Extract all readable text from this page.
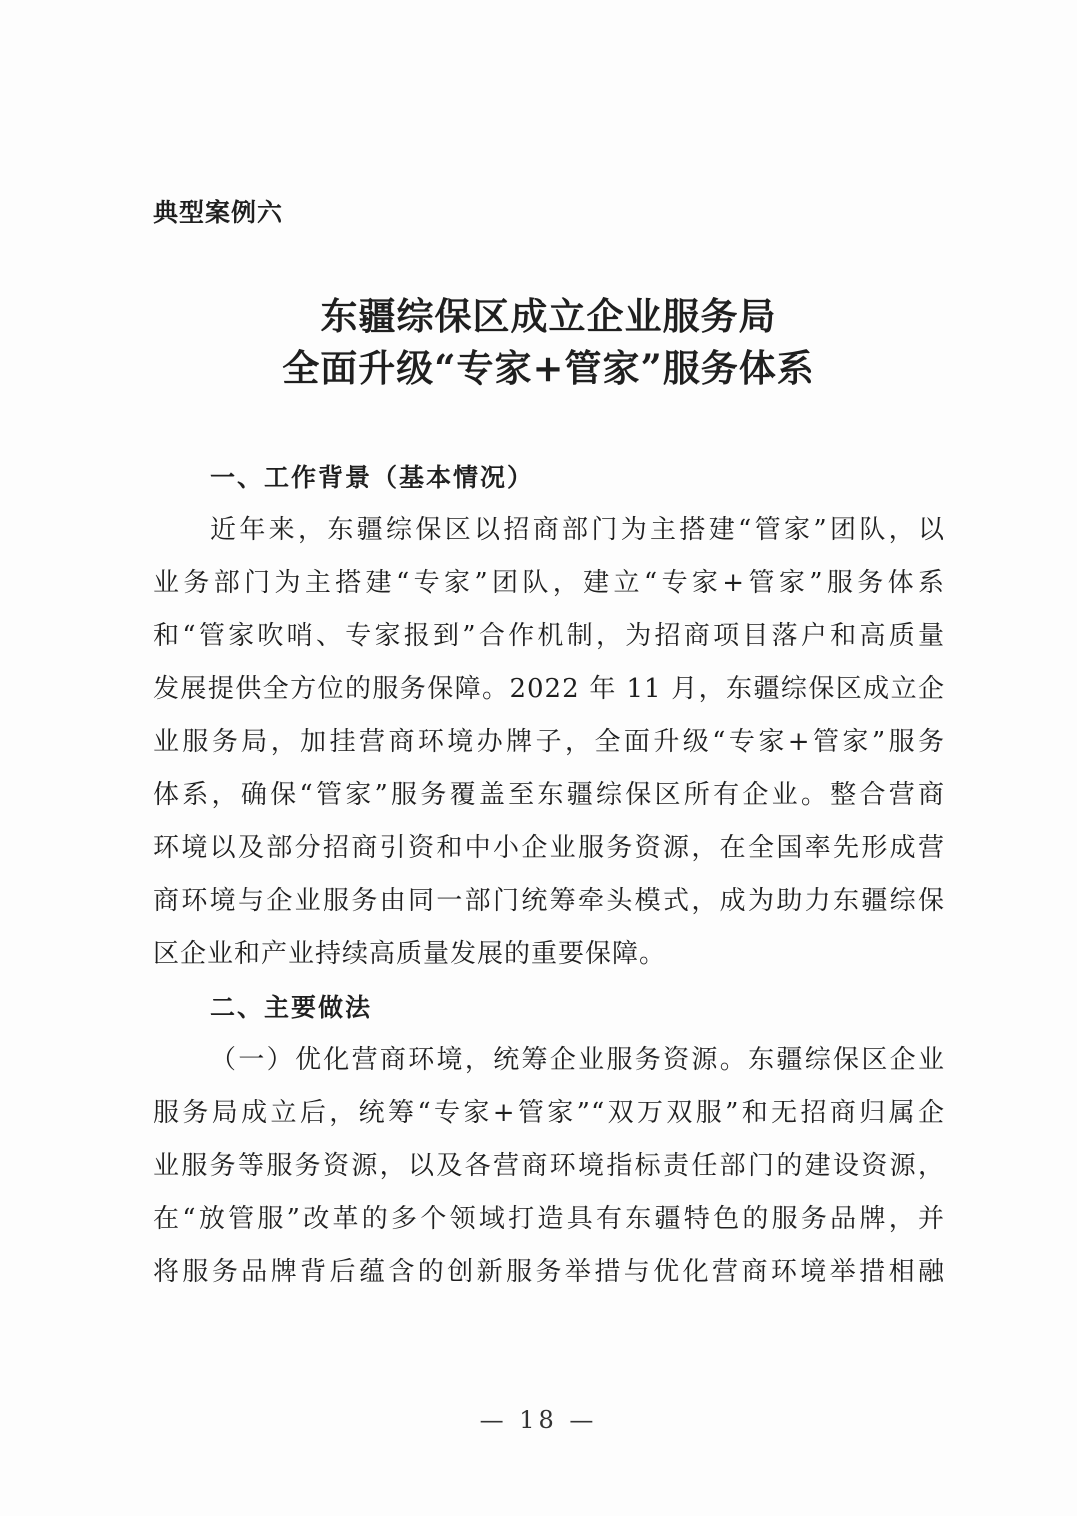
典型案例六
东疆综保区成立企业服务局
全面升级“专家+管家”服务体系
一、工作背景（基本情况）
近年来，东疆综保区以招商部门为主搭建“管家”团队，以
业务部门为主搭建“专家”团队，建立“专家+管家”服务体系
和“管家吹哨、专家报到”合作机制，为招商项目落户和高质量
发展提供全方位的服务保障。2022 年 11 月，东疆综保区成立企
业服务局，加挂营商环境办牌子，全面升级“专家+管家”服务
体系，确保“管家”服务覆盖至东疆综保区所有企业。整合营商
环境以及部分招商引资和中小企业服务资源，在全国率先形成营
商环境与企业服务由同一部门统筹牵头模式，成为助力东疆综保
区企业和产业持续高质量发展的重要保障。
二、主要做法
（一）优化营商环境，统筹企业服务资源。东疆综保区企业
服务局成立后，统筹“专家+管家”“双万双服”和无招商归属企
业服务等服务资源，以及各营商环境指标责任部门的建设资源，
在“放管服”改革的多个领域打造具有东疆特色的服务品牌，并
将服务品牌背后蕴含的创新服务举措与优化营商环境举措相融
— 18 —
